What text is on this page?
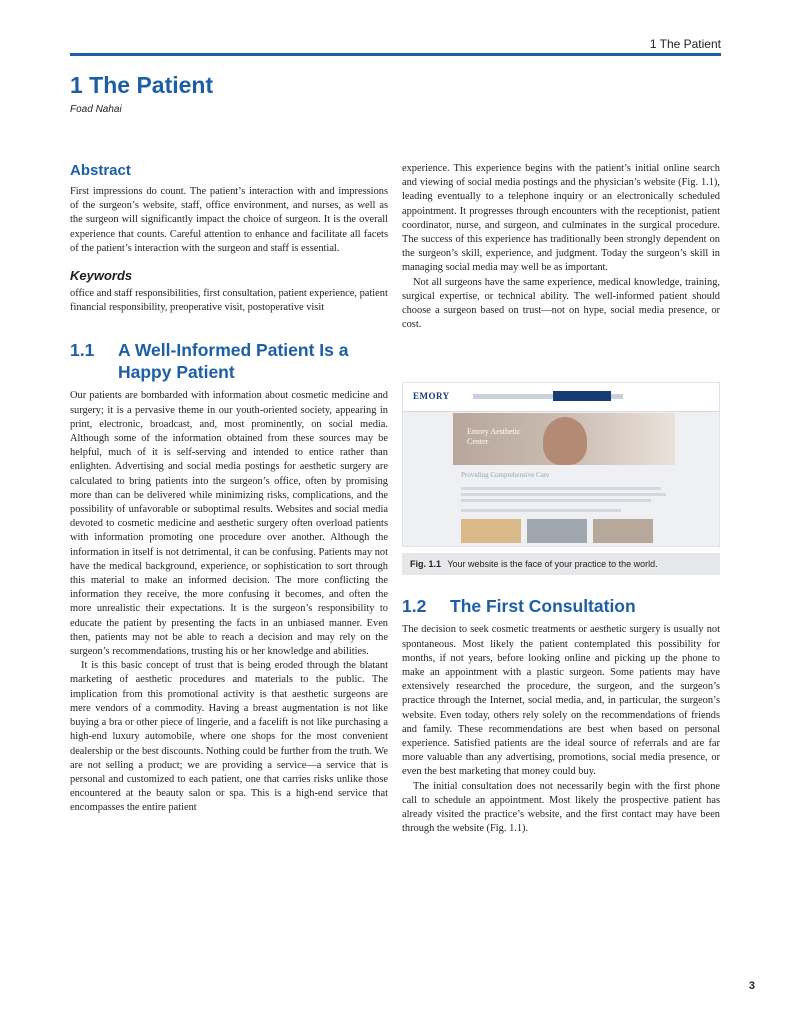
1 The Patient
1 The Patient
Foad Nahai
Abstract

First impressions do count. The patient’s interaction with and impressions of the surgeon’s website, staff, office environment, and nurses, as well as the surgeon will significantly impact the choice of surgeon. It is the overall experience that counts. Careful attention to enhance and facilitate all facets of the patient’s interaction with the surgeon and staff is essential.

Keywords

office and staff responsibilities, first consultation, patient experience, patient financial responsibility, preoperative visit, postoperative visit

1.1	A Well-Informed Patient Is a Happy Patient

Our patients are bombarded with information about cosmetic medicine and surgery; it is a pervasive theme in our youth-oriented society, appearing in print, electronic, broadcast, and, most prominently, on social media. Although some of the information obtained from these sources may be helpful, much of it is self-serving and intended to entice rather than enlighten. Advertising and social media postings for aesthetic surgery are calculated to bring patients into the surgeon’s office, often by promising more than can be delivered while minimizing risks, complications, and the possibility of unfavorable or suboptimal results. Websites and social media devoted to cosmetic medicine and aesthetic surgery often overload patients with information promoting one procedure over another. Although the information in itself is not detrimental, it can be confusing. Patients may not have the medical background, experience, or sophistication to sort through this material to make an informed decision. The more conflicting the information they receive, the more confusing it becomes, and often the more unrealistic their expectations. It is the surgeon’s responsibility to educate the patient by presenting the facts in an unbiased manner. Even then, patients may not be able to reach a decision and may rely on the surgeon’s recommendations, trusting his or her knowledge and abilities.

It is this basic concept of trust that is being eroded through the blatant marketing of aesthetic procedures and materials to the public. The implication from this promotional activity is that aesthetic surgeons are mere vendors of a commodity. Having a breast augmentation is not like buying a bra or other piece of lingerie, and a facelift is not like purchasing a high-end luxury automobile, where one shops for the most convenient dealership or the best discounts. Nothing could be further from the truth. We are not selling a product; we are providing a service—a service that is personal and customized to each patient, one that carries risks unlike those encountered at the beauty salon or spa. This is a high-end service that encompasses the entire patient

experience. This experience begins with the patient’s initial online search and viewing of social media postings and the physician’s website (Fig. 1.1), leading eventually to a telephone inquiry or an electronically scheduled appointment. It progresses through encounters with the receptionist, patient coordinator, nurse, and surgeon, and culminates in the surgical procedure. The success of this experience has traditionally been strongly dependent on the surgeon’s skill, experience, and judgment. Today the surgeon’s skill in managing social media may well be as important.

Not all surgeons have the same experience, medical knowledge, training, surgical expertise, or technical ability. The well-informed patient should choose a surgeon based on trust—not on hype, social media presence, or cost.

EMORY
Emory Aesthetic
Center
Providing Comprehensive Care
Fig. 1.1 Your website is the face of your practice to the world.
1.2	The First Consultation

The decision to seek cosmetic treatments or aesthetic surgery is usually not spontaneous. Most likely the patient contemplated this possibility for months, if not years, before looking online and picking up the phone to make an appointment with a plastic surgeon. Some patients may have extensively researched the procedure, the surgeon, and the surgeon’s practice through the Internet, social media, and, in particular, the surgeon’s website. Even today, others rely solely on the recommendations of friends and family. These recommendations are best when based on personal experience. Satisfied patients are the ideal source of referrals and are far more valuable than any advertising, promotions, social media presence, or even the best marketing that money could buy.

The initial consultation does not necessarily begin with the first phone call to schedule an appointment. Most likely the prospective patient has already visited the practice’s website, and the first contact may have been through the website (Fig. 1.1).

3
